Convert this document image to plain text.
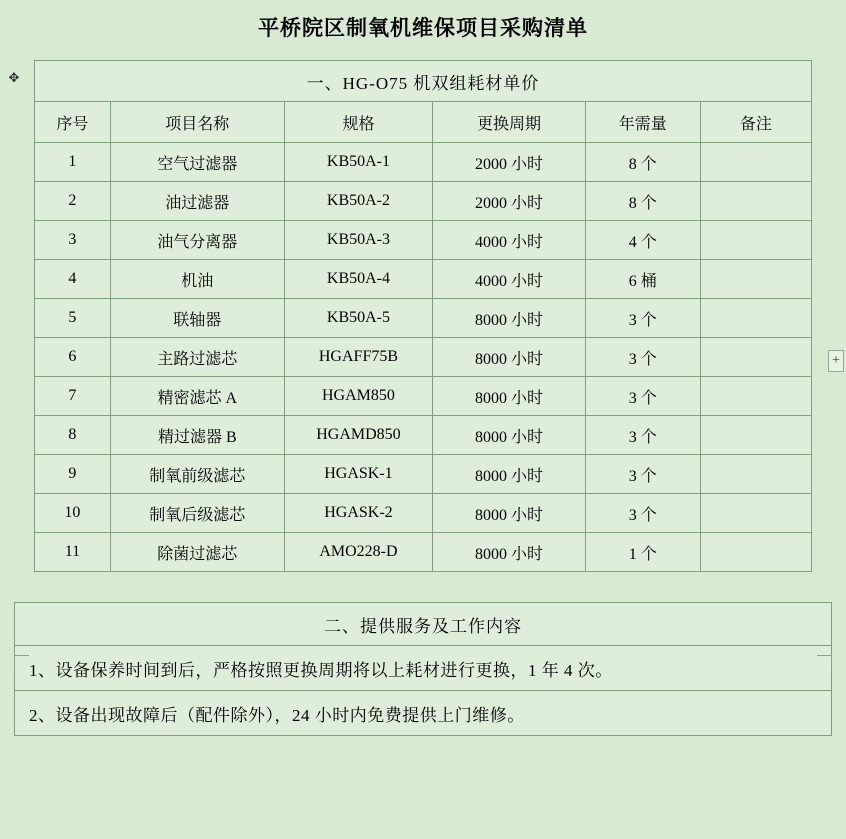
平桥院区制氧机维保项目采购清单
✥
+
一、HG-O75 机双组耗材单价					
序号	项目名称	规格	更换周期	年需量	备注
1	空气过滤器	KB50A-1	2000 小时	8 个	
2	油过滤器	KB50A-2	2000 小时	8 个	
3	油气分离器	KB50A-3	4000 小时	4 个	
4	机油	KB50A-4	4000 小时	6 桶	
5	联轴器	KB50A-5	8000 小时	3 个	
6	主路过滤芯	HGAFF75B	8000 小时	3 个	
7	精密滤芯 A	HGAM850	8000 小时	3 个	
8	精过滤器 B	HGAMD850	8000 小时	3 个	
9	制氧前级滤芯	HGASK-1	8000 小时	3 个	
10	制氧后级滤芯	HGASK-2	8000 小时	3 个	
11	除菌过滤芯	AMO228-D	8000 小时	1 个	
二、提供服务及工作内容
1、设备保养时间到后，严格按照更换周期将以上耗材进行更换，1 年 4 次。
2、设备出现故障后（配件除外），24 小时内免费提供上门维修。
